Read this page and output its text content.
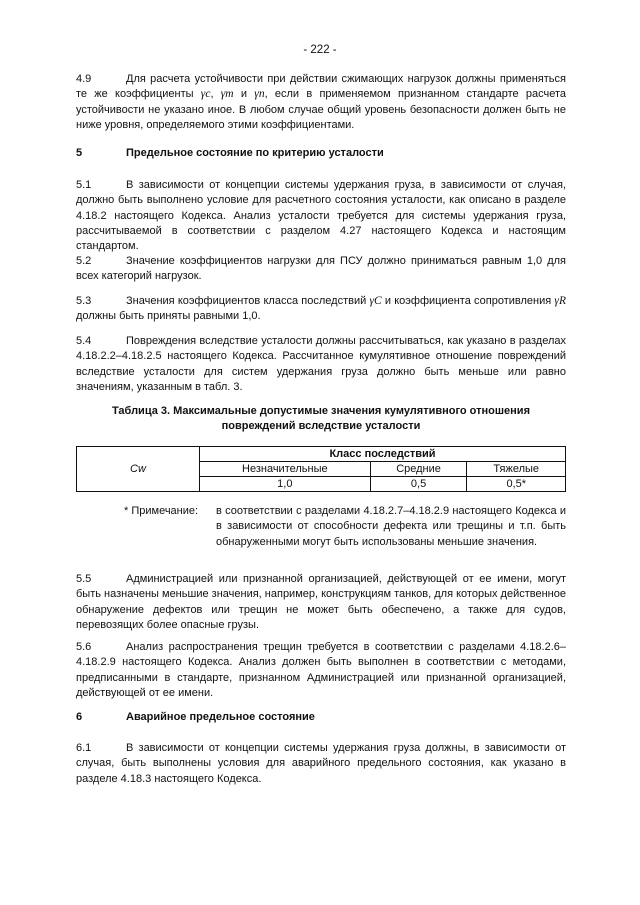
- 222 -
4.9	Для расчета устойчивости при действии сжимающих нагрузок должны применяться те же коэффициенты γc, γm и γn, если в применяемом признанном стандарте расчета устойчивости не указано иное. В любом случае общий уровень безопасности должен быть не ниже уровня, определяемого этими коэффициентами.
5	Предельное состояние по критерию усталости
5.1	В зависимости от концепции системы удержания груза, в зависимости от случая, должно быть выполнено условие для расчетного состояния усталости, как описано в разделе 4.18.2 настоящего Кодекса. Анализ усталости требуется для системы удержания груза, рассчитываемой в соответствии с разделом 4.27 настоящего Кодекса и настоящим стандартом.
5.2	Значение коэффициентов нагрузки для ПСУ должно приниматься равным 1,0 для всех категорий нагрузок.
5.3	Значения коэффициентов класса последствий γC и коэффициента сопротивления γR должны быть приняты равными 1,0.
5.4	Повреждения вследствие усталости должны рассчитываться, как указано в разделах 4.18.2.2–4.18.2.5 настоящего Кодекса. Рассчитанное кумулятивное отношение повреждений вследствие усталости для систем удержания груза должно быть меньше или равно значениям, указанным в табл. 3.
Таблица 3. Максимальные допустимые значения кумулятивного отношения
повреждений вследствие усталости
Cw	Класс последствий		
	Незначительные	Средние	Тяжелые
	1,0	0,5	0,5*
* Примечание:	в соответствии с разделами 4.18.2.7–4.18.2.9 настоящего Кодекса и в зависимости от способности дефекта или трещины и т.п. быть обнаруженными могут быть использованы меньшие значения.
5.5	Администрацией или признанной организацией, действующей от ее имени, могут быть назначены меньшие значения, например, конструкциям танков, для которых действенное обнаружение дефектов или трещин не может быть обеспечено, а также для судов, перевозящих более опасные грузы.
5.6	Анализ распространения трещин требуется в соответствии с разделами 4.18.2.6– 4.18.2.9 настоящего Кодекса. Анализ должен быть выполнен в соответствии с методами, предписанными в стандарте, признанном Администрацией или признанной организацией, действующей от ее имени.
6	Аварийное предельное состояние
6.1	В зависимости от концепции системы удержания груза должны, в зависимости от случая, быть выполнены условия для аварийного предельного состояния, как указано в разделе 4.18.3 настоящего Кодекса.
